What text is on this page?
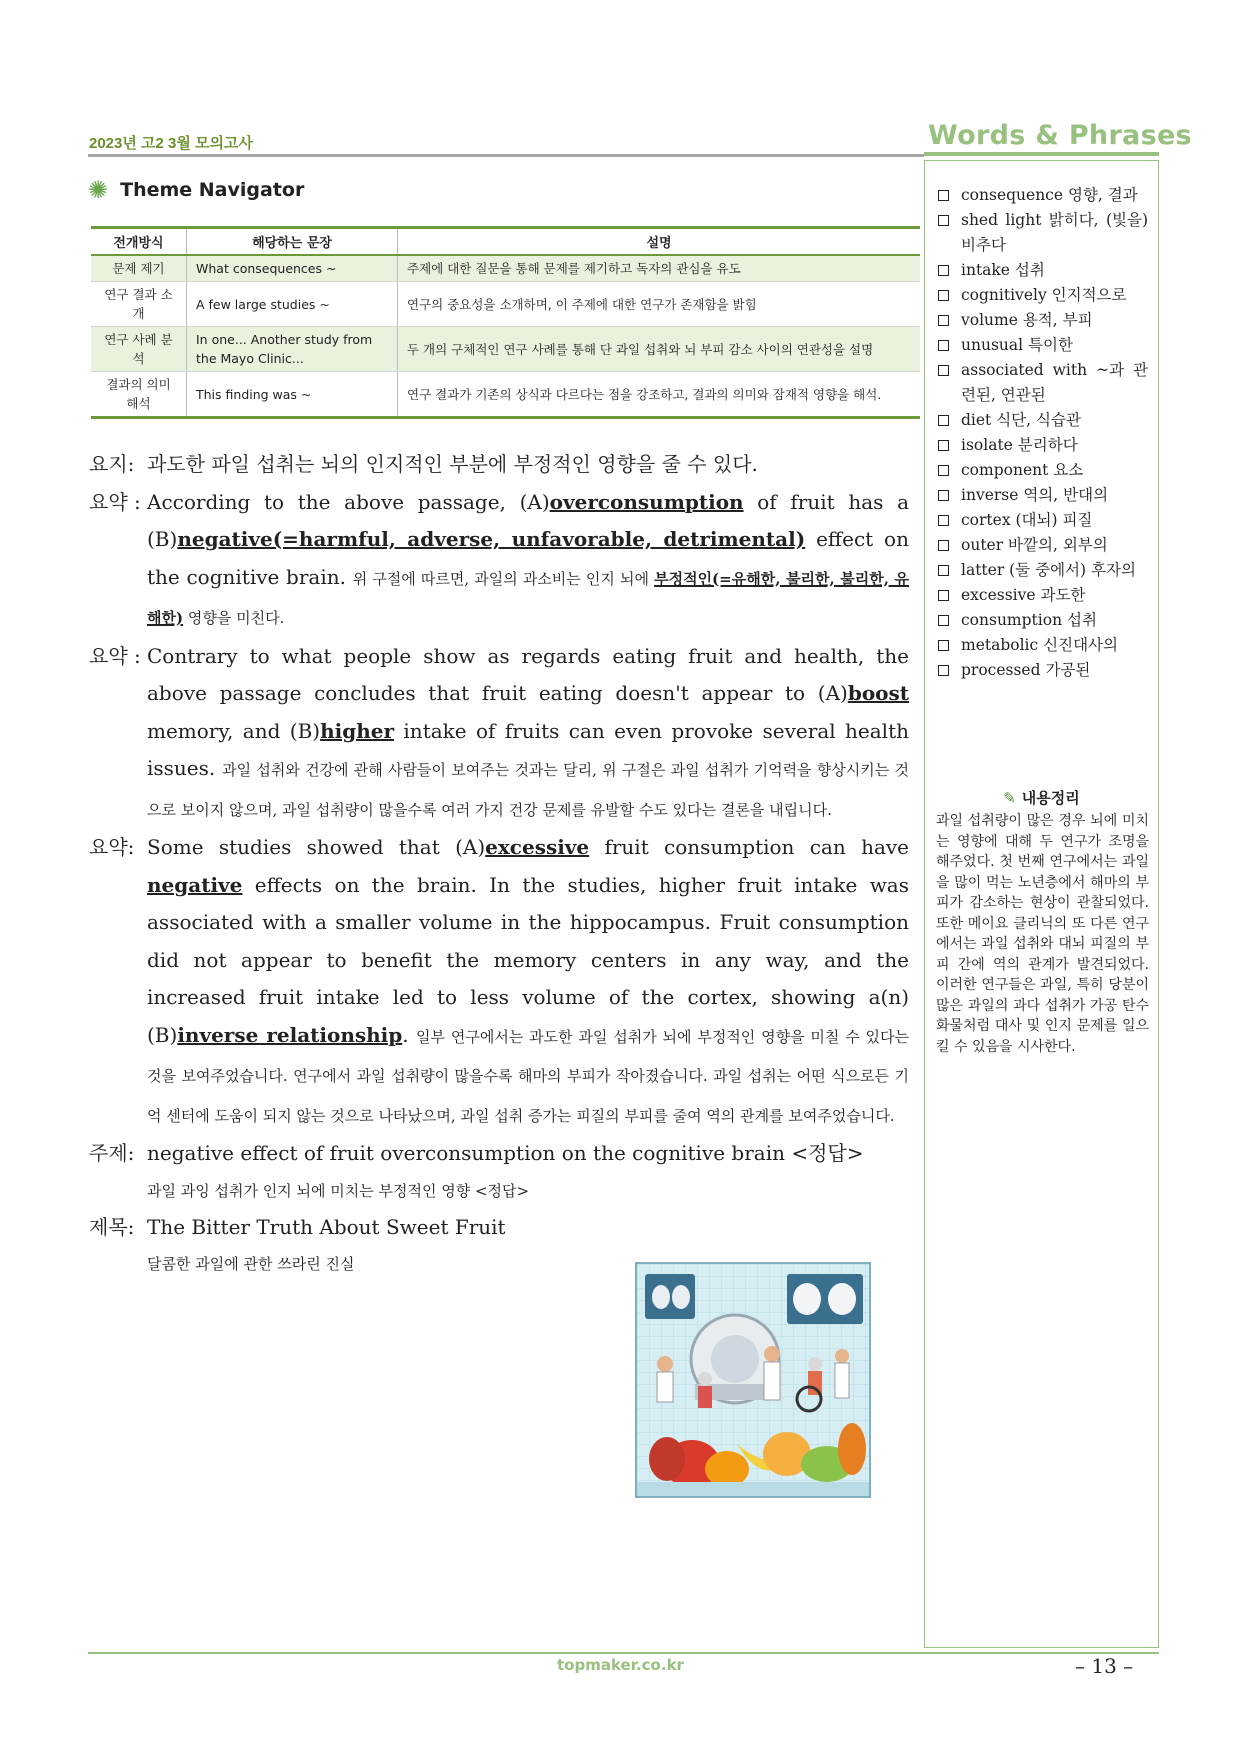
2023년 고2 3월 모의고사	Words & Phrases
✺ Theme Navigator
전개방식	해당하는 문장	설명
문제 제기	What consequences ~	주제에 대한 질문을 통해 문제를 제기하고 독자의 관심을 유도
연구 결과 소개	A few large studies ~	연구의 중요성을 소개하며, 이 주제에 대한 연구가 존재함을 밝힘
연구 사례 분석	In one... Another study from the Mayo Clinic...	두 개의 구체적인 연구 사례를 통해 단 과일 섭취와 뇌 부피 감소 사이의 연관성을 설명
결과의 의미 해석	This finding was ~	연구 결과가 기존의 상식과 다르다는 점을 강조하고, 결과의 의미와 잠재적 영향을 해석.
요지: 과도한 파일 섭취는 뇌의 인지적인 부분에 부정적인 영향을 줄 수 있다.
요약 : According to the above passage, (A)overconsumption of fruit has a (B)negative(=harmful, adverse, unfavorable, detrimental) effect on the cognitive brain. 위 구절에 따르면, 과일의 과소비는 인지 뇌에 부정적인(=유해한, 불리한, 불리한, 유해한) 영향을 미친다.
요약 : Contrary to what people show as regards eating fruit and health, the above passage concludes that fruit eating doesn't appear to (A)boost memory, and (B)higher intake of fruits can even provoke several health issues. 과일 섭취와 건강에 관해 사람들이 보여주는 것과는 달리, 위 구절은 과일 섭취가 기억력을 향상시키는 것으로 보이지 않으며, 과일 섭취량이 많을수록 여러 가지 건강 문제를 유발할 수도 있다는 결론을 내립니다.
요약: Some studies showed that (A)excessive fruit consumption can have negative effects on the brain. In the studies, higher fruit intake was associated with a smaller volume in the hippocampus. Fruit consumption did not appear to benefit the memory centers in any way, and the increased fruit intake led to less volume of the cortex, showing a(n) (B)inverse relationship. 일부 연구에서는 과도한 과일 섭취가 뇌에 부정적인 영향을 미칠 수 있다는 것을 보여주었습니다. 연구에서 과일 섭취량이 많을수록 해마의 부피가 작아졌습니다. 과일 섭취는 어떤 식으로든 기억 센터에 도움이 되지 않는 것으로 나타났으며, 과일 섭취 증가는 피질의 부피를 줄여 역의 관계를 보여주었습니다.
주제: negative effect of fruit overconsumption on the cognitive brain <정답>
과일 과잉 섭취가 인지 뇌에 미치는 부정적인 영향 <정답>
제목: The Bitter Truth About Sweet Fruit
달콤한 과일에 관한 쓰라린 진실
consequence 영향, 결과
shed light 밝히다, (빛을) 비추다
intake 섭취
cognitively 인지적으로
volume 용적, 부피
unusual 특이한
associated with ~과 관련된, 연관된
diet 식단, 식습관
isolate 분리하다
component 요소
inverse 역의, 반대의
cortex (대뇌) 피질
outer 바깥의, 외부의
latter (둘 중에서) 후자의
excessive 과도한
consumption 섭취
metabolic 신진대사의
processed 가공된
✎ 내용정리
과일 섭취량이 많은 경우 뇌에 미치는 영향에 대해 두 연구가 조명을 해주었다. 첫 번째 연구에서는 과일을 많이 먹는 노년층에서 해마의 부피가 감소하는 현상이 관찰되었다. 또한 메이요 클리닉의 또 다른 연구에서는 과일 섭취와 대뇌 피질의 부피 간에 역의 관계가 발견되었다. 이러한 연구들은 과일, 특히 당분이 많은 과일의 과다 섭취가 가공 탄수화물처럼 대사 및 인지 문제를 일으킬 수 있음을 시사한다.
topmaker.co.kr	– 13 –
